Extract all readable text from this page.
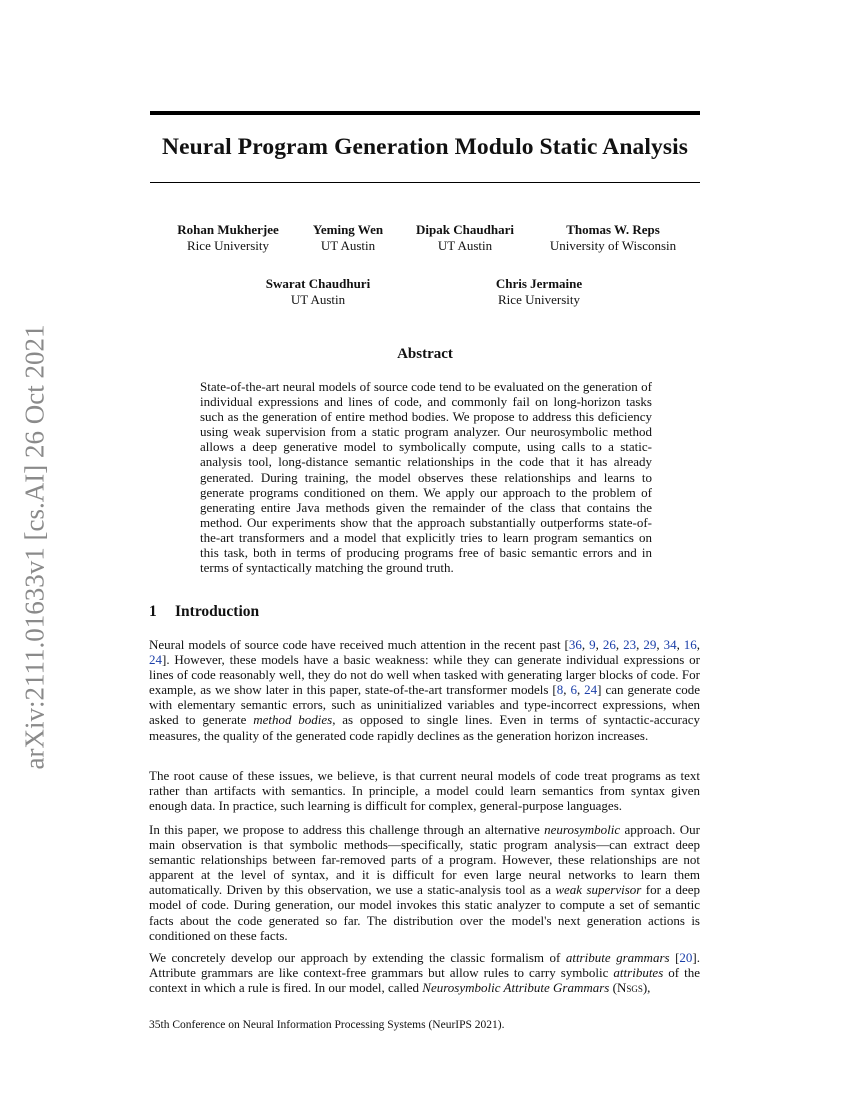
Neural Program Generation Modulo Static Analysis
Rohan Mukherjee
Rice University
Yeming Wen
UT Austin
Dipak Chaudhari
UT Austin
Thomas W. Reps
University of Wisconsin
Swarat Chaudhuri
UT Austin
Chris Jermaine
Rice University
arXiv:2111.01633v1 [cs.AI] 26 Oct 2021	Abstract

State-of-the-art neural models of source code tend to be evaluated on the generation of individual expressions and lines of code, and commonly fail on long-horizon tasks such as the generation of entire method bodies. We propose to address this deficiency using weak supervision from a static program analyzer. Our neurosymbolic method allows a deep generative model to symbolically compute, using calls to a static-analysis tool, long-distance semantic relationships in the code that it has already generated. During training, the model observes these relationships and learns to generate programs conditioned on them. We apply our approach to the problem of generating entire Java methods given the remainder of the class that contains the method. Our experiments show that the approach substantially outperforms state-of-the-art transformers and a model that explicitly tries to learn program semantics on this task, both in terms of producing programs free of basic semantic errors and in terms of syntactically matching the ground truth.

1 Introduction

Neural models of source code have received much attention in the recent past [36, 9, 26, 23, 29, 34, 16, 24]. However, these models have a basic weakness: while they can generate individual expressions or lines of code reasonably well, they do not do well when tasked with generating larger blocks of code. For example, as we show later in this paper, state-of-the-art transformer models [8, 6, 24] can generate code with elementary semantic errors, such as uninitialized variables and type-incorrect expressions, when asked to generate method bodies, as opposed to single lines. Even in terms of syntactic-accuracy measures, the quality of the generated code rapidly declines as the generation horizon increases.

The root cause of these issues, we believe, is that current neural models of code treat programs as text rather than artifacts with semantics. In principle, a model could learn semantics from syntax given enough data. In practice, such learning is difficult for complex, general-purpose languages.

In this paper, we propose to address this challenge through an alternative neurosymbolic approach. Our main observation is that symbolic methods—specifically, static program analysis—can extract deep semantic relationships between far-removed parts of a program. However, these relationships are not apparent at the level of syntax, and it is difficult for even large neural networks to learn them automatically. Driven by this observation, we use a static-analysis tool as a weak supervisor for a deep model of code. During generation, our model invokes this static analyzer to compute a set of semantic facts about the code generated so far. The distribution over the model's next generation actions is conditioned on these facts.

We concretely develop our approach by extending the classic formalism of attribute grammars [20]. Attribute grammars are like context-free grammars but allow rules to carry symbolic attributes of the context in which a rule is fired. In our model, called Neurosymbolic Attribute Grammars (Nsgs),

35th Conference on Neural Information Processing Systems (NeurIPS 2021).
